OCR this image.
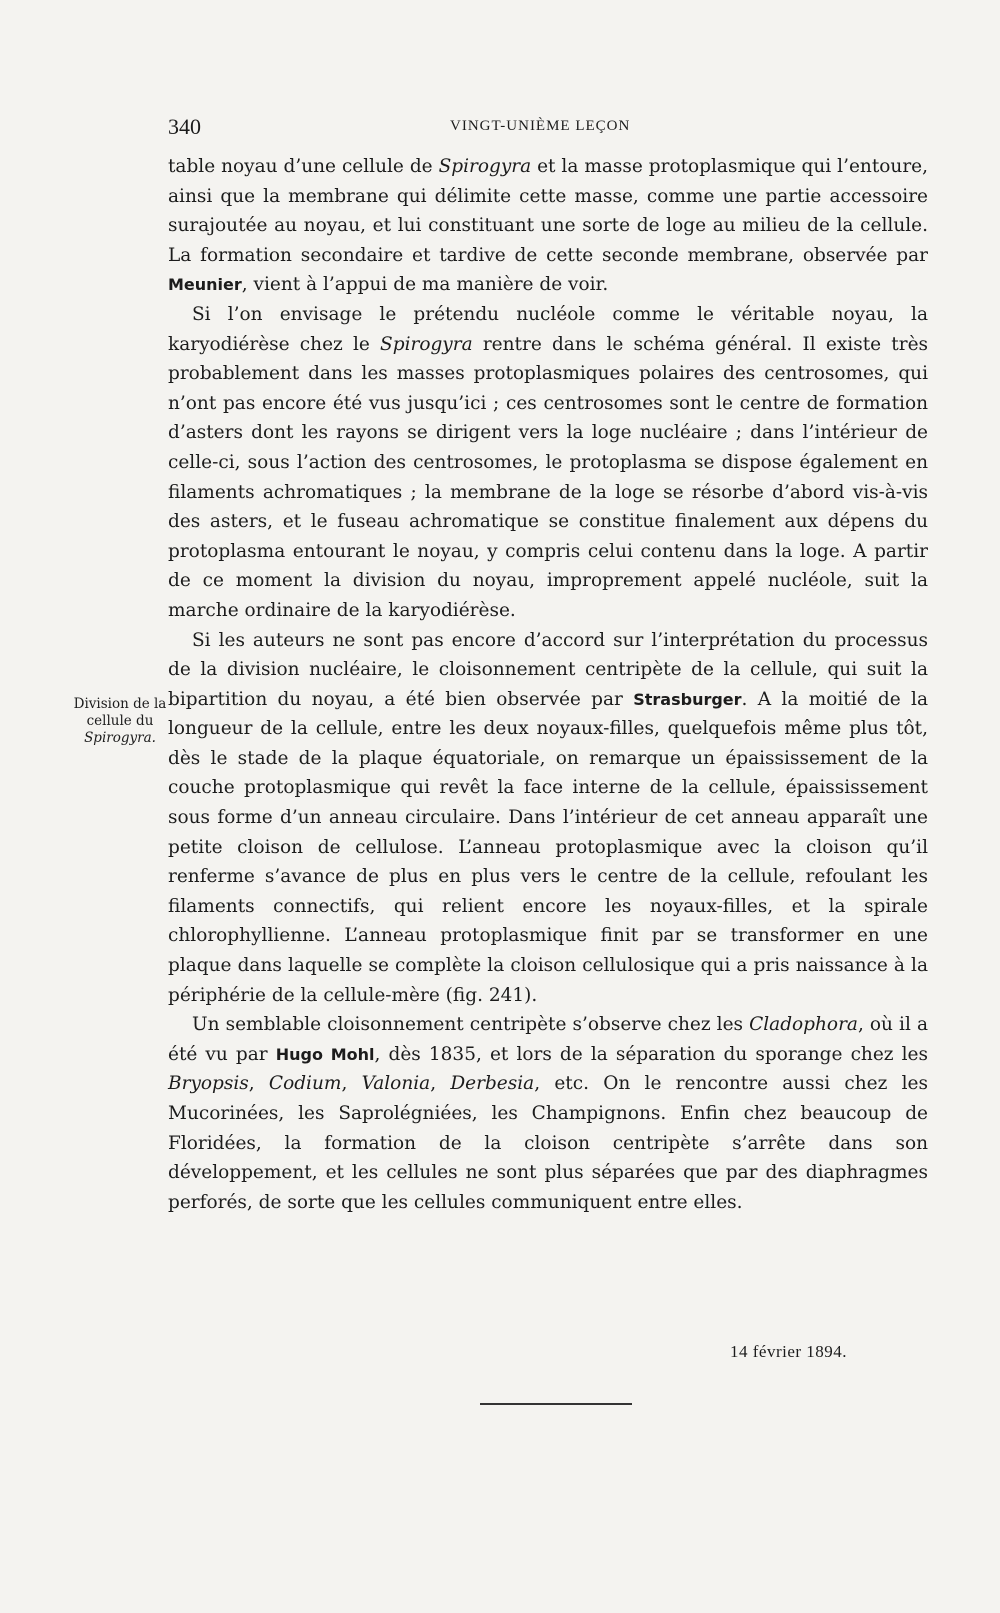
340	VINGT-UNIÈME LEÇON
Division de la
cellule du
Spirogyra.

table noyau d’une cellule de Spirogyra et la masse protoplasmique qui l’entoure, ainsi que la membrane qui délimite cette masse, comme une partie accessoire surajoutée au noyau, et lui constituant une sorte de loge au milieu de la cellule. La formation secondaire et tardive de cette seconde membrane, observée par Meunier, vient à l’appui de ma manière de voir.

Si l’on envisage le prétendu nucléole comme le véritable noyau, la karyodiérèse chez le Spirogyra rentre dans le schéma général. Il existe très probablement dans les masses protoplasmiques polaires des centrosomes, qui n’ont pas encore été vus jusqu’ici ; ces centrosomes sont le centre de formation d’asters dont les rayons se dirigent vers la loge nucléaire ; dans l’intérieur de celle-ci, sous l’action des centrosomes, le protoplasma se dispose également en filaments achromatiques ; la membrane de la loge se résorbe d’abord vis-à-vis des asters, et le fuseau achromatique se constitue finalement aux dépens du protoplasma entourant le noyau, y compris celui contenu dans la loge. A partir de ce moment la division du noyau, improprement appelé nucléole, suit la marche ordinaire de la karyodiérèse.

Si les auteurs ne sont pas encore d’accord sur l’interprétation du processus de la division nucléaire, le cloisonnement centripète de la cellule, qui suit la bipartition du noyau, a été bien observée par Strasburger. A la moitié de la longueur de la cellule, entre les deux noyaux-filles, quelquefois même plus tôt, dès le stade de la plaque équatoriale, on remarque un épaississement de la couche protoplasmique qui revêt la face interne de la cellule, épaississement sous forme d’un anneau circulaire. Dans l’intérieur de cet anneau apparaît une petite cloison de cellulose. L’anneau protoplasmique avec la cloison qu’il renferme s’avance de plus en plus vers le centre de la cellule, refoulant les filaments connectifs, qui relient encore les noyaux-filles, et la spirale chlorophyllienne. L’anneau protoplasmique finit par se transformer en une plaque dans laquelle se complète la cloison cellulosique qui a pris naissance à la périphérie de la cellule-mère (fig. 241).

Un semblable cloisonnement centripète s’observe chez les Cladophora, où il a été vu par Hugo Mohl, dès 1835, et lors de la séparation du sporange chez les Bryopsis, Codium, Valonia, Derbesia, etc. On le rencontre aussi chez les Mucorinées, les Saprolégniées, les Champignons. Enfin chez beaucoup de Floridées, la formation de la cloison centripète s’arrête dans son développement, et les cellules ne sont plus séparées que par des diaphragmes perforés, de sorte que les cellules communiquent entre elles.

14 février 1894.
